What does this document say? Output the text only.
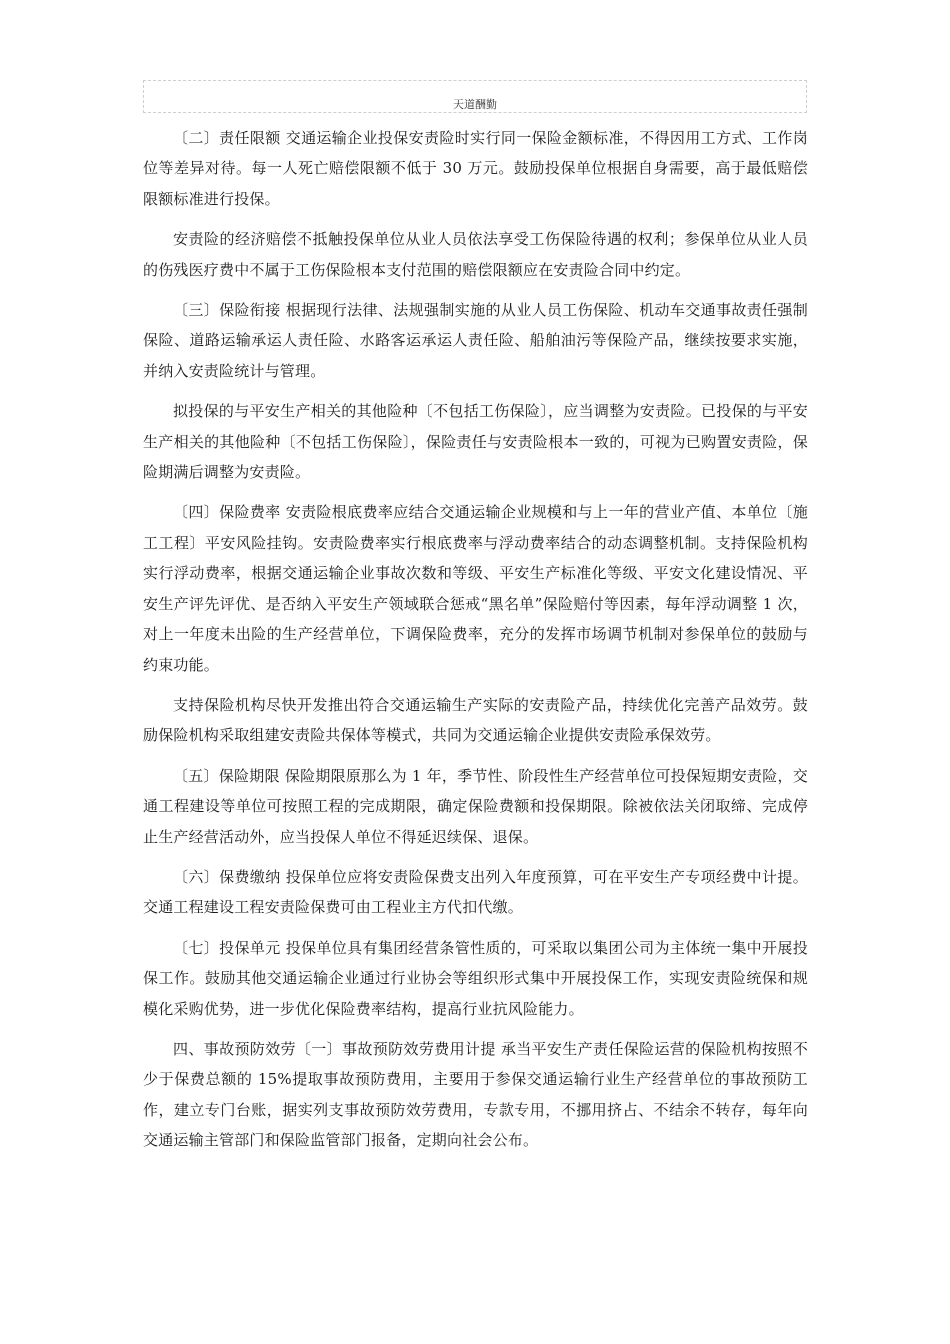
天道酬勤

〔二〕责任限额 交通运输企业投保安责险时实行同一保险金额标准，不得因用工方式、工作岗位等差异对待。每一人死亡赔偿限额不低于 30 万元。鼓励投保单位根据自身需要，高于最低赔偿限额标准进行投保。

安责险的经济赔偿不抵触投保单位从业人员依法享受工伤保险待遇的权利；参保单位从业人员的伤残医疗费中不属于工伤保险根本支付范围的赔偿限额应在安责险合同中约定。

〔三〕保险衔接 根据现行法律、法规强制实施的从业人员工伤保险、机动车交通事故责任强制保险、道路运输承运人责任险、水路客运承运人责任险、船舶油污等保险产品，继续按要求实施，并纳入安责险统计与管理。

拟投保的与平安生产相关的其他险种〔不包括工伤保险〕，应当调整为安责险。已投保的与平安生产相关的其他险种〔不包括工伤保险〕，保险责任与安责险根本一致的，可视为已购置安责险，保险期满后调整为安责险。

〔四〕保险费率 安责险根底费率应结合交通运输企业规模和与上一年的营业产值、本单位〔施工工程〕平安风险挂钩。安责险费率实行根底费率与浮动费率结合的动态调整机制。支持保险机构实行浮动费率，根据交通运输企业事故次数和等级、平安生产标准化等级、平安文化建设情况、平安生产评先评优、是否纳入平安生产领域联合惩戒“黑名单”保险赔付等因素，每年浮动调整 1 次，对上一年度未出险的生产经营单位，下调保险费率，充分的发挥市场调节机制对参保单位的鼓励与约束功能。

支持保险机构尽快开发推出符合交通运输生产实际的安责险产品，持续优化完善产品效劳。鼓励保险机构采取组建安责险共保体等模式，共同为交通运输企业提供安责险承保效劳。

〔五〕保险期限 保险期限原那么为 1 年，季节性、阶段性生产经营单位可投保短期安责险，交通工程建设等单位可按照工程的完成期限，确定保险费额和投保期限。除被依法关闭取缔、完成停止生产经营活动外，应当投保人单位不得延迟续保、退保。

〔六〕保费缴纳 投保单位应将安责险保费支出列入年度预算，可在平安生产专项经费中计提。交通工程建设工程安责险保费可由工程业主方代扣代缴。

〔七〕投保单元 投保单位具有集团经营条管性质的，可采取以集团公司为主体统一集中开展投保工作。鼓励其他交通运输企业通过行业协会等组织形式集中开展投保工作，实现安责险统保和规模化采购优势，进一步优化保险费率结构，提高行业抗风险能力。

四、事故预防效劳〔一〕事故预防效劳费用计提 承当平安生产责任保险运营的保险机构按照不少于保费总额的 15%提取事故预防费用，主要用于参保交通运输行业生产经营单位的事故预防工作，建立专门台账，据实列支事故预防效劳费用，专款专用，不挪用挤占、不结余不转存，每年向交通运输主管部门和保险监管部门报备，定期向社会公布。
